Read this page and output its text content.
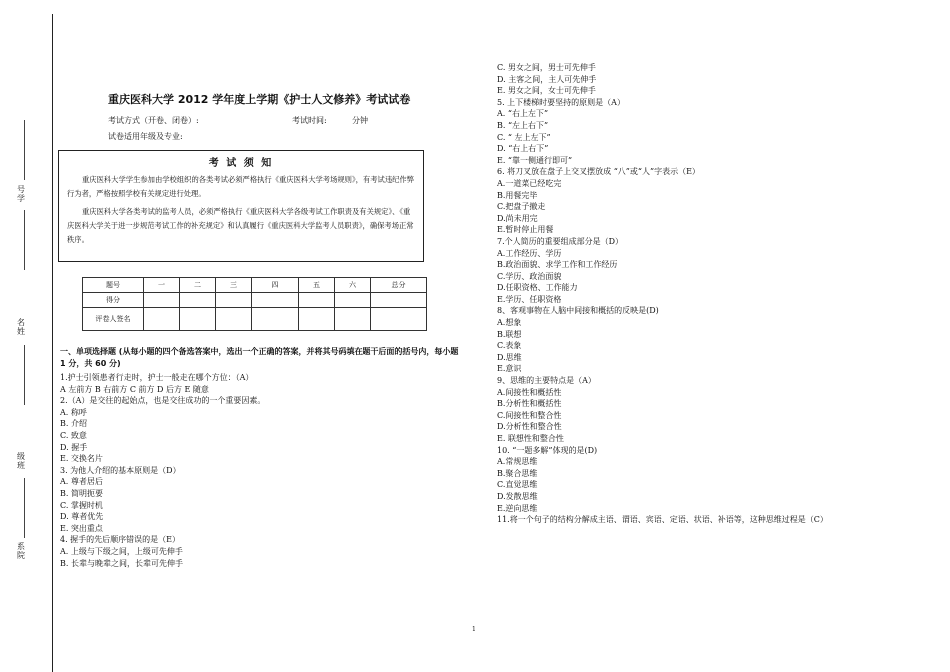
号学
名姓
级班
系院
重庆医科大学 2012 学年度上学期《护士人文修养》考试试卷
考试方式（开卷、闭卷）:	考试时间:	分钟
试卷适用年级及专业:
考 试 须 知

重庆医科大学学生参加由学校组织的各类考试必须严格执行《重庆医科大学考场规则》，有考试违纪作弊行为者，严格按照学校有关规定进行处理。

重庆医科大学各类考试的监考人员，必须严格执行《重庆医科大学各级考试工作职责及有关规定》、《重庆医科大学关于进一步规范考试工作的补充规定》和认真履行《重庆医科大学监考人员职责》，确保考场正常秩序。

题号	一	二	三	四	五	六	总分
得分							
评卷人签名							
一、单项选择题 (从每小题的四个备选答案中，选出一个正确的答案，并将其号码填在题干后面的括号内，每小题 1 分，共 60 分)
1.护士引领患者行走时，护士一般走在哪个方位：（A）
A 左前方 B 右前方 C 前方 D 后方 E 随意
2.（A）是交往的起始点，也是交往成功的一个重要因素。
A. 称呼
B. 介绍
C. 致意
D. 握手
E. 交换名片
3. 为他人介绍的基本原则是（D）
A. 尊者居后
B. 简明扼要
C. 掌握时机
D. 尊者优先
E. 突出重点
4. 握手的先后顺序错误的是（E）
A. 上级与下级之间，上级可先伸手
B. 长辈与晚辈之间，长辈可先伸手
C. 男女之间，男士可先伸手
D. 主客之间，主人可先伸手
E. 男女之间，女士可先伸手
5. 上下楼梯时要坚持的原则是（A）
A. “右上左下”
B. “左上右下”
C. “ 左上左下”
D. “右上右下”
E. “靠一侧通行即可”
6. 将刀叉放在盘子上交叉摆放成 “八”或“人”字表示（E）
A.一道菜已经吃完
B.用餐完毕
C.把盘子撤走
D.尚未用完
E.暂时停止用餐
7.个人简历的重要组成部分是（D）
A.工作经历、学历
B.政治面貌、求学工作和工作经历
C.学历、政治面貌
D.任职资格、工作能力
E.学历、任职资格
8、客观事物在人脑中间接和概括的反映是(D)
A.想象
B.联想
C.表象
D.思维
E.意识
9、思维的主要特点是（A）
A.间接性和概括性
B.分析性和概括性
C.间接性和整合性
D.分析性和整合性
E. 联想性和整合性
10. “一题多解”体现的是(D)
A.常规思维
B.聚合思维
C.直觉思维
D.发散思维
E.逆向思维
11.将一个句子的结构分解成主语、谓语、宾语、定语、状语、补语等，这种思维过程是（C）
1
